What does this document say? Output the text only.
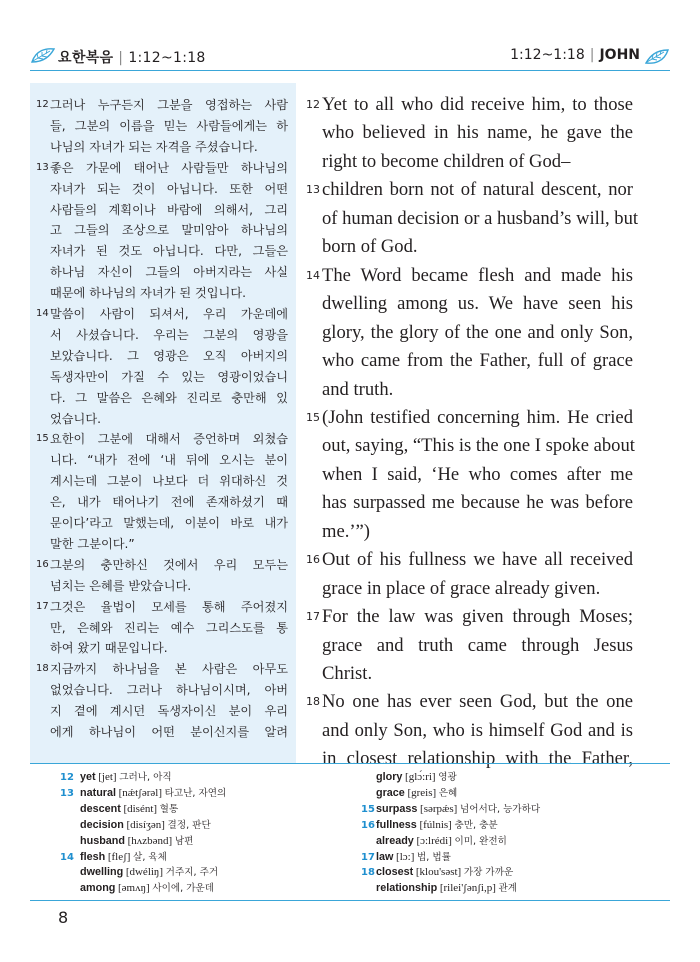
요한복음 | 1:12~1:18	1:12~1:18 | JOHN
12 그러나 누구든지 그분을 영접하는 사람
들, 그분의 이름을 믿는 사람들에게는 하
나님의 자녀가 되는 자격을 주셨습니다.
13 좋은 가문에 태어난 사람들만 하나님의
자녀가 되는 것이 아닙니다. 또한 어떤
사람들의 계획이나 바람에 의해서, 그리
고 그들의 조상으로 말미암아 하나님의
자녀가 된 것도 아닙니다. 다만, 그들은
하나님 자신이 그들의 아버지라는 사실
때문에 하나님의 자녀가 된 것입니다.
14 말씀이 사람이 되셔서, 우리 가운데에
서 사셨습니다. 우리는 그분의 영광을
보았습니다. 그 영광은 오직 아버지의
독생자만이 가질 수 있는 영광이었습니
다. 그 말씀은 은혜와 진리로 충만해 있
었습니다.
15 요한이 그분에 대해서 증언하며 외쳤습
니다. “내가 전에 ‘내 뒤에 오시는 분이
계시는데 그분이 나보다 더 위대하신 것
은, 내가 태어나기 전에 존재하셨기 때
문이다’라고 말했는데, 이분이 바로 내가
말한 그분이다.”
16 그분의 충만하신 것에서 우리 모두는
넘치는 은혜를 받았습니다.
17 그것은 율법이 모세를 통해 주어졌지
만, 은혜와 진리는 예수 그리스도를 통
하여 왔기 때문입니다.
18 지금까지 하나님을 본 사람은 아무도
없었습니다. 그러나 하나님이시며, 아버
지 곁에 계시던 독생자이신 분이 우리
에게 하나님이 어떤 분이신지를 알려
12 Yet to all who did receive him, to those
who believed in his name, he gave the
right to become children of God–
13 children born not of natural descent, nor
of human decision or a husband’s will, but
born of God.
14 The Word became flesh and made his
dwelling among us. We have seen his
glory, the glory of the one and only Son,
who came from the Father, full of grace
and truth.
15 (John testified concerning him. He cried
out, saying, “This is the one I spoke about
when I said, ‘He who comes after me
has surpassed me because he was before
me.’”)
16 Out of his fullness we have all received
grace in place of grace already given.
17 For the law was given through Moses;
grace and truth came through Jesus
Christ.
18 No one has ever seen God, but the one
and only Son, who is himself God and is
in closest relationship with the Father,
12 yet [jet] 그러나, 아직
13 natural [nǽtʃərəl] 타고난, 자연의
descent [disént] 혈통
decision [disíʒən] 결정, 판단
husband [hʌzbənd] 남편
14 flesh [fleʃ] 살, 육체
dwelling [dwéliŋ] 거주지, 주거
among [əmʌŋ] 사이에, 가운데
glory [glɔ́:ri] 영광
grace [greis] 은혜
15 surpass [sərpǽs] 넘어서다, 능가하다
16 fullness [fúlnis] 충만, 충분
already [ɔ:lrédi] 이미, 완전히
17 law [lɔ:] 법, 법률
18 closest [klou'səst] 가장 가까운
relationship [rilei'ʃənʃi,p] 관계
8
